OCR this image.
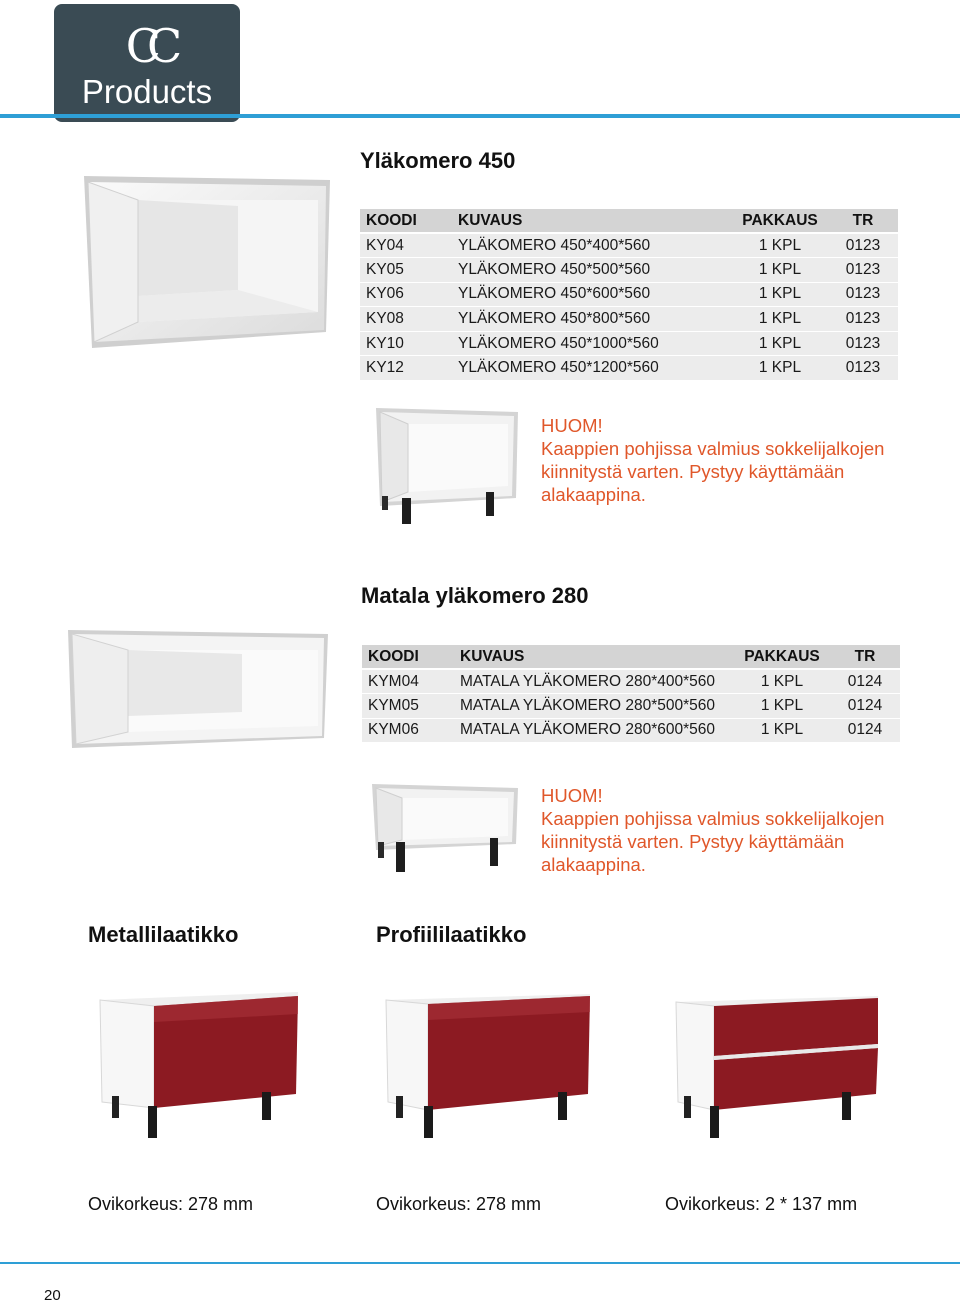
CC
Products
Yläkomero 450
KOODI	KUVAUS	PAKKAUS	TR
KY04	YLÄKOMERO 450*400*560	1 KPL	0123
KY05	YLÄKOMERO 450*500*560	1 KPL	0123
KY06	YLÄKOMERO 450*600*560	1 KPL	0123
KY08	YLÄKOMERO 450*800*560	1 KPL	0123
KY10	YLÄKOMERO 450*1000*560	1 KPL	0123
KY12	YLÄKOMERO 450*1200*560	1 KPL	0123
HUOM!
Kaappien pohjissa valmius sokkelijalkojen
kiinnitystä varten. Pystyy käyttämään
alakaappina.
Matala yläkomero 280
KOODI	KUVAUS	PAKKAUS	TR
KYM04	MATALA YLÄKOMERO 280*400*560	1 KPL	0124
KYM05	MATALA YLÄKOMERO 280*500*560	1 KPL	0124
KYM06	MATALA YLÄKOMERO 280*600*560	1 KPL	0124
HUOM!
Kaappien pohjissa valmius sokkelijalkojen
kiinnitystä varten. Pystyy käyttämään
alakaappina.
Metallilaatikko	Profiililaatikko
Ovikorkeus: 278 mm	Ovikorkeus: 278 mm	Ovikorkeus: 2 * 137 mm
20
